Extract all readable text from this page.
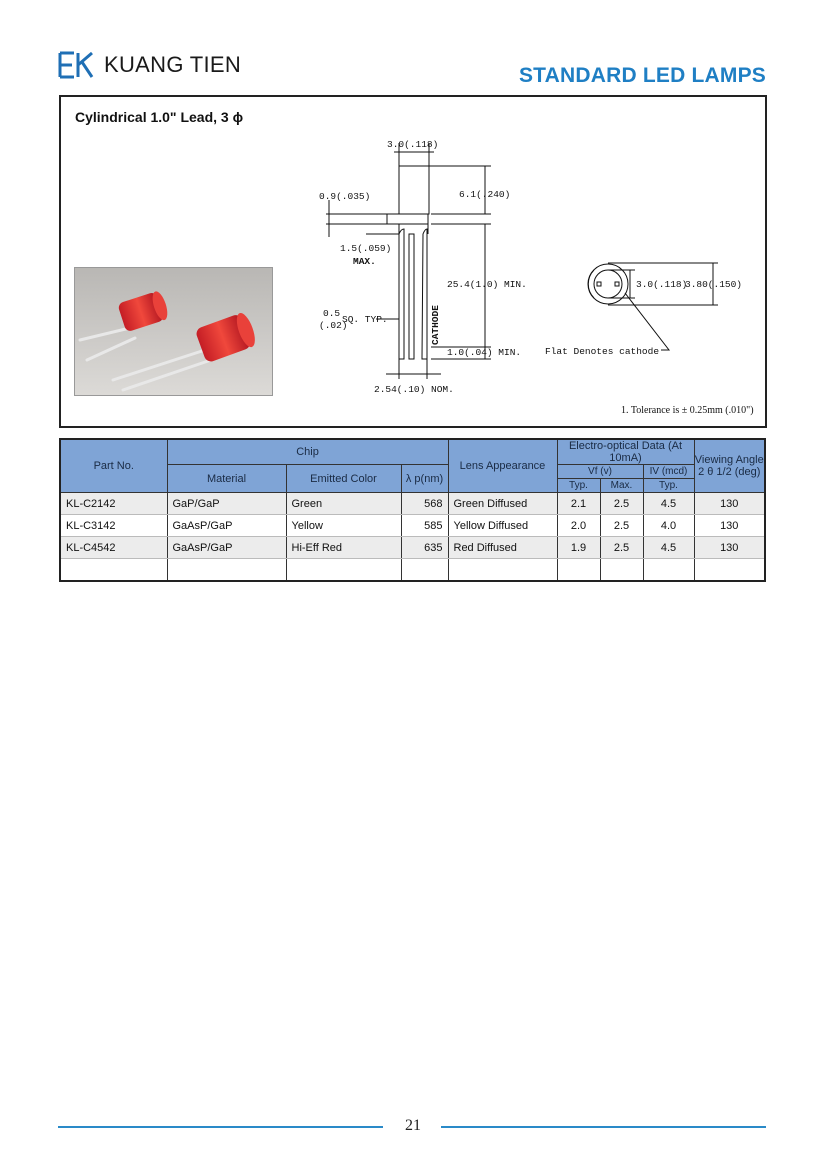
KUANG TIEN	STANDARD LED LAMPS
Cylindrical 1.0" Lead, 3 ϕ
3.0(.118)
0.9(.035)	6.1(.240)
1.5(.059)
MAX.
25.4(1.0) MIN.
0.5
(.02)
SQ. TYP.	CATHODE
1.0(.04) MIN.
2.54(.10) NOM.
3.0(.118)
3.80(.150)
Flat Denotes cathode
1. Tolerance is ± 0.25mm (.010")
Part No.	Chip			Lens Appearance	Electro-optical Data (At 10mA)			Viewing Angle
2 θ 1/2 (deg)

	Material	Emitted Color	λ p(nm)		Vf (v)		IV (mcd)	
					Typ.	Max.	Typ.	
KL-C2142	GaP/GaP	Green	568	Green Diffused	2.1	2.5	4.5	130
KL-C3142	GaAsP/GaP	Yellow	585	Yellow Diffused	2.0	2.5	4.0	130
KL-C4542	GaAsP/GaP	Hi-Eff Red	635	Red Diffused	1.9	2.5	4.5	130

21
